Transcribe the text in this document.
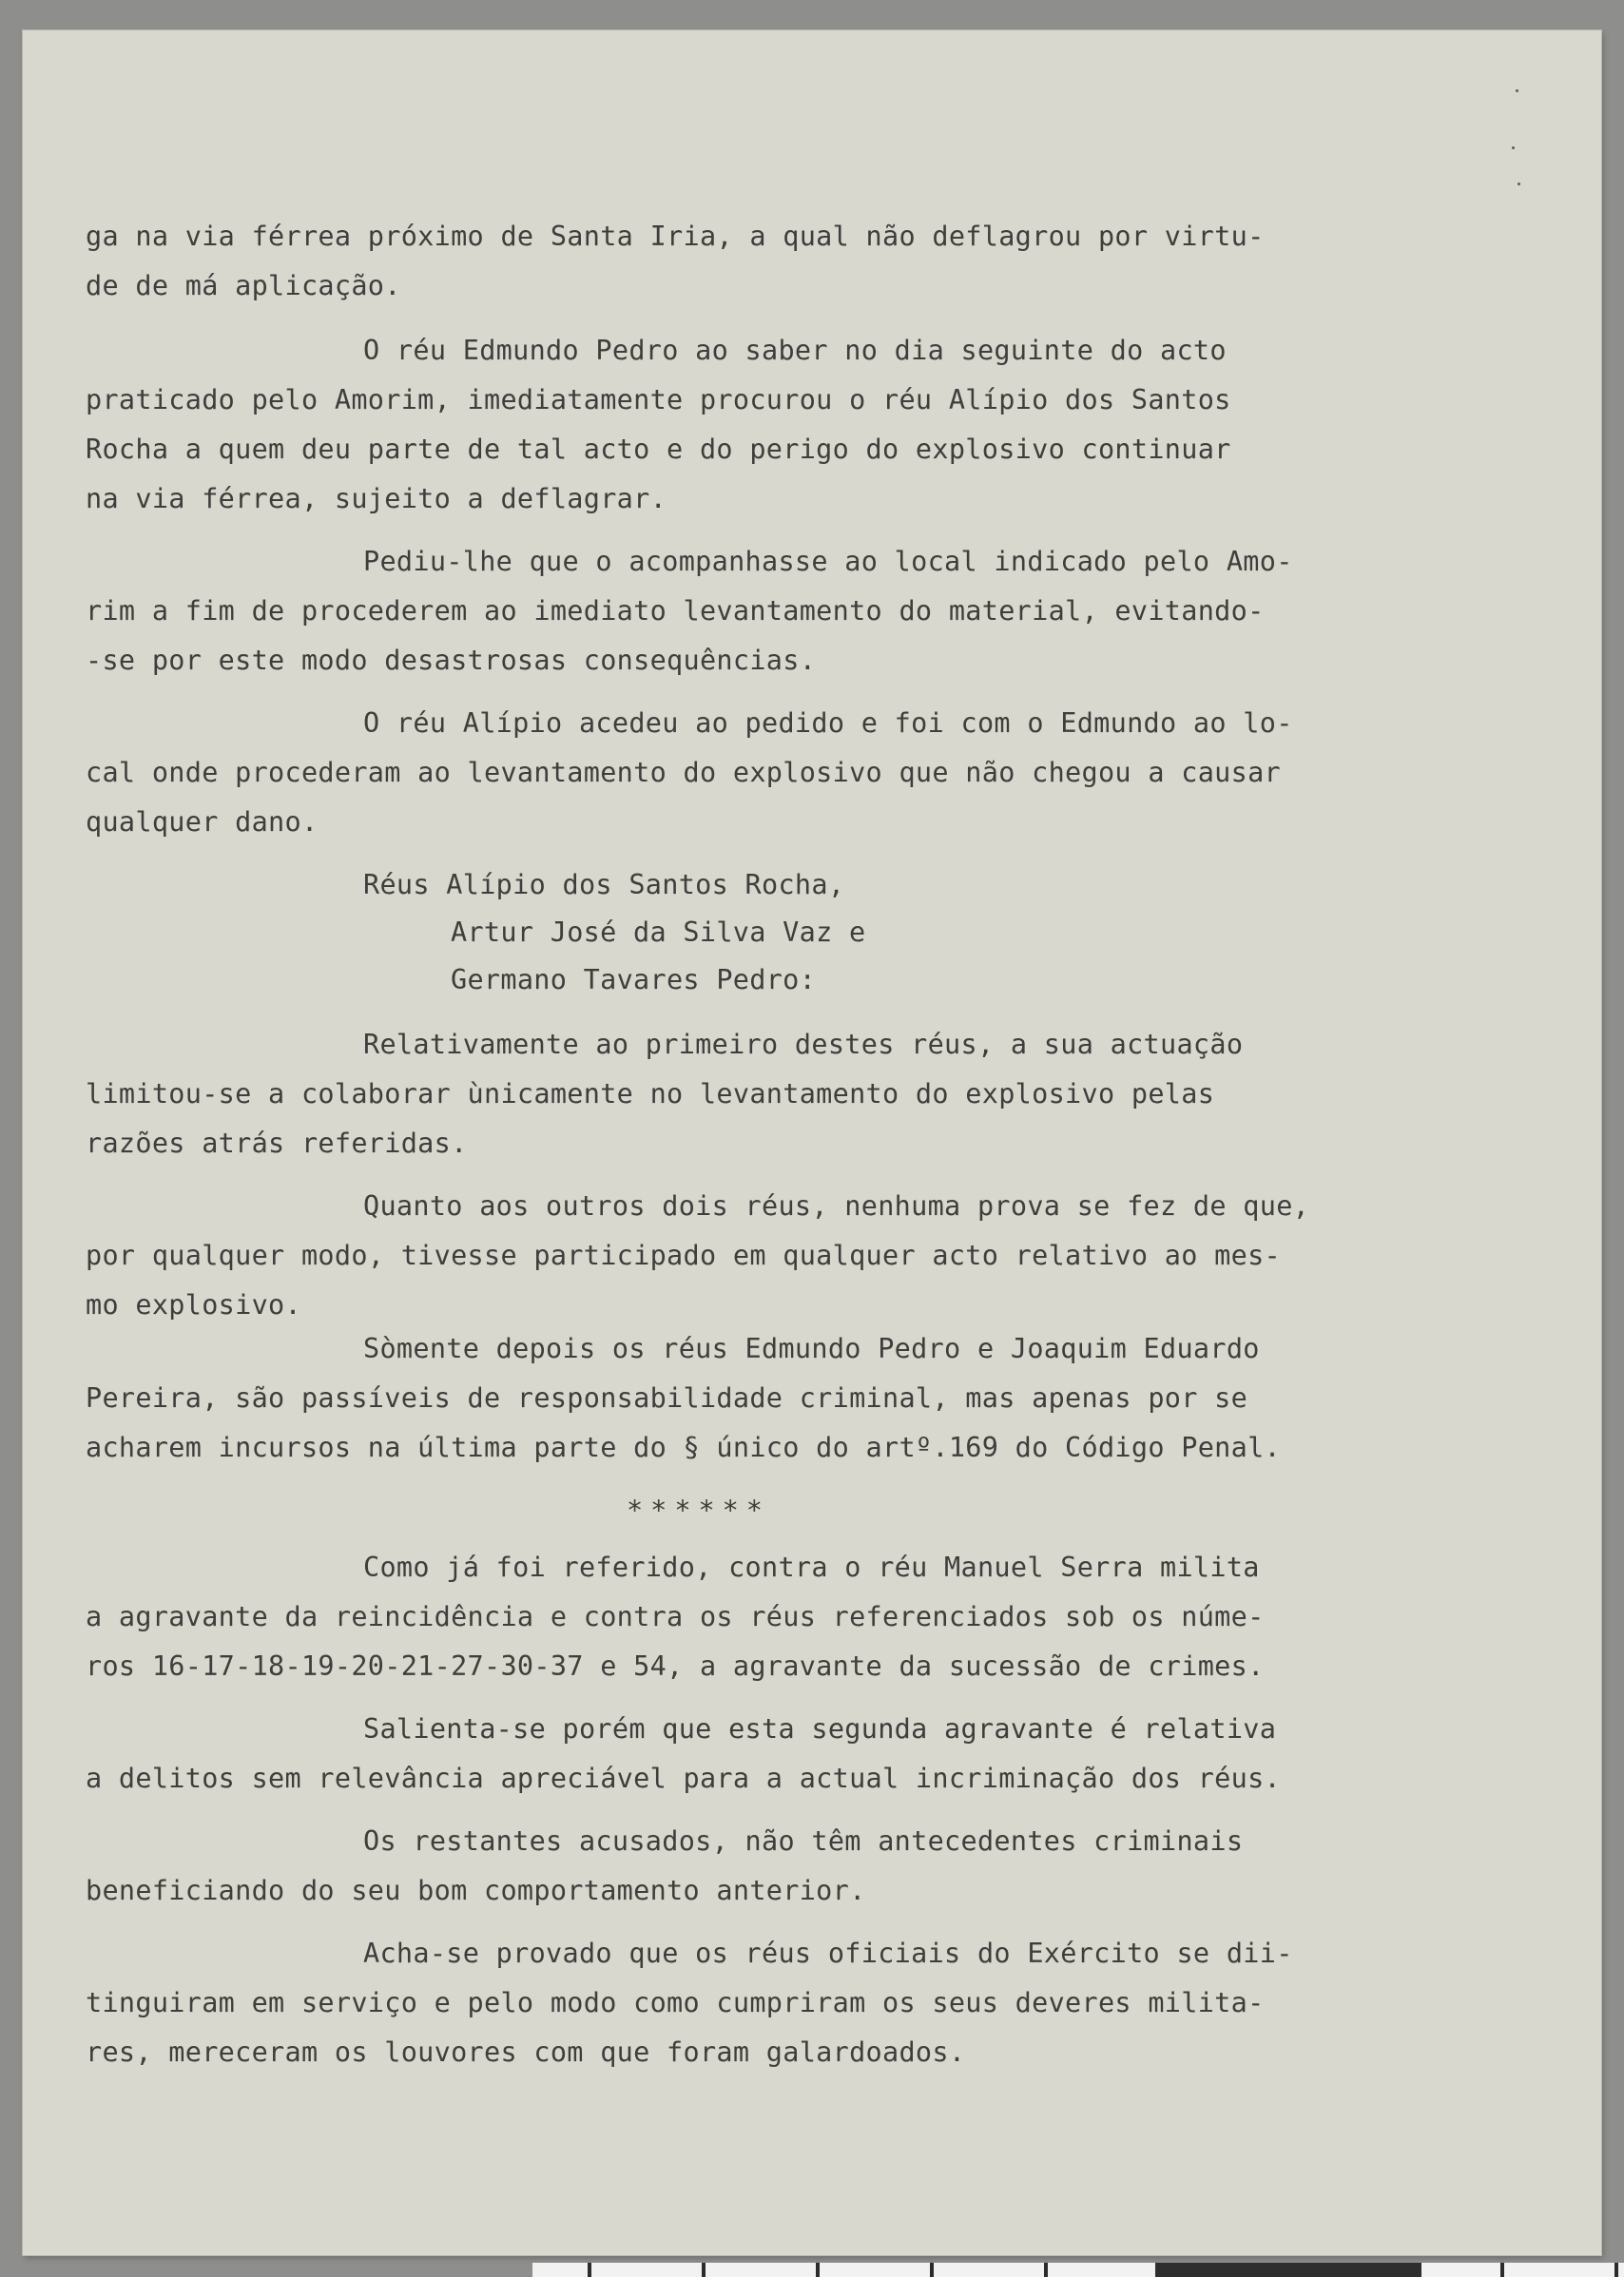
ga na via férrea próximo de Santa Iria, a qual não deflagrou por virtu-
de de má aplicação.
O réu Edmundo Pedro ao saber no dia seguinte do acto
praticado pelo Amorim, imediatamente procurou o réu Alípio dos Santos
Rocha a quem deu parte de tal acto e do perigo do explosivo continuar
na via férrea, sujeito a deflagrar.
Pediu-lhe que o acompanhasse ao local indicado pelo Amo-
rim a fim de procederem ao imediato levantamento do material, evitando-
-se por este modo desastrosas consequências.
O réu Alípio acedeu ao pedido e foi com o Edmundo ao lo-
cal onde procederam ao levantamento do explosivo que não chegou a causar
qualquer dano.
Réus Alípio dos Santos Rocha,
Artur José da Silva Vaz e
Germano Tavares Pedro:
Relativamente ao primeiro destes réus, a sua actuação
limitou-se a colaborar ùnicamente no levantamento do explosivo pelas
razões atrás referidas.
Quanto aos outros dois réus, nenhuma prova se fez de que,
por qualquer modo, tivesse participado em qualquer acto relativo ao mes-
mo explosivo.
Sòmente depois os réus Edmundo Pedro e Joaquim Eduardo
Pereira, são passíveis de responsabilidade criminal, mas apenas por se
acharem incursos na última parte do § único do artº.169 do Código Penal.
******
Como já foi referido, contra o réu Manuel Serra milita
a agravante da reincidência e contra os réus referenciados sob os núme-
ros 16-17-18-19-20-21-27-30-37 e 54, a agravante da sucessão de crimes.
Salienta-se porém que esta segunda agravante é relativa
a delitos sem relevância apreciável para a actual incriminação dos réus.
Os restantes acusados, não têm antecedentes criminais
beneficiando do seu bom comportamento anterior.
Acha-se provado que os réus oficiais do Exército se dii-
tinguiram em serviço e pelo modo como cumpriram os seus deveres milita-
res, mereceram os louvores com que foram galardoados.
